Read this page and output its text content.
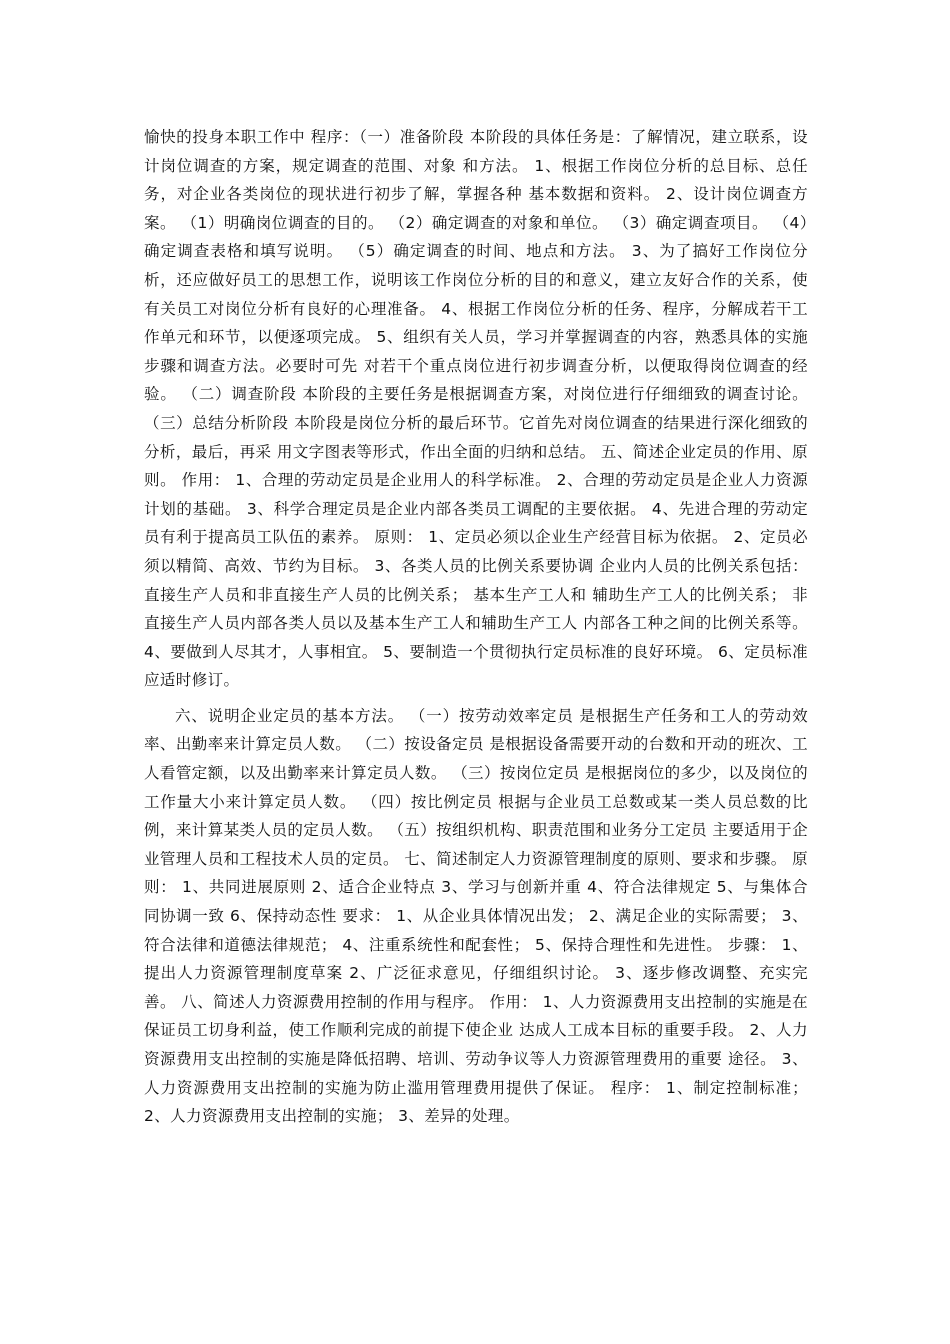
愉快的投身本职工作中 程序：（一）准备阶段 本阶段的具体任务是：了解情况，建立联系，设计岗位调查的方案，规定调查的范围、对象 和方法。 1、根据工作岗位分析的总目标、总任务，对企业各类岗位的现状进行初步了解，掌握各种 基本数据和资料。 2、设计岗位调查方案。 （1）明确岗位调查的目的。 （2）确定调查的对象和单位。 （3）确定调查项目。 （4）确定调查表格和填写说明。 （5）确定调查的时间、地点和方法。 3、为了搞好工作岗位分析，还应做好员工的思想工作，说明该工作岗位分析的目的和意义，建立友好合作的关系，使有关员工对岗位分析有良好的心理准备。 4、根据工作岗位分析的任务、程序，分解成若干工作单元和环节，以便逐项完成。 5、组织有关人员，学习并掌握调查的内容，熟悉具体的实施步骤和调查方法。必要时可先 对若干个重点岗位进行初步调查分析，以便取得岗位调查的经验。 （二）调查阶段 本阶段的主要任务是根据调查方案，对岗位进行仔细细致的调查讨论。 （三）总结分析阶段 本阶段是岗位分析的最后环节。它首先对岗位调查的结果进行深化细致的分析，最后，再采 用文字图表等形式，作出全面的归纳和总结。 五、简述企业定员的作用、原则。 作用： 1、合理的劳动定员是企业用人的科学标准。 2、合理的劳动定员是企业人力资源计划的基础。 3、科学合理定员是企业内部各类员工调配的主要依据。 4、先进合理的劳动定员有利于提高员工队伍的素养。 原则： 1、定员必须以企业生产经营目标为依据。 2、定员必须以精简、高效、节约为目标。 3、各类人员的比例关系要协调 企业内人员的比例关系包括： 直接生产人员和非直接生产人员的比例关系； 基本生产工人和 辅助生产工人的比例关系； 非直接生产人员内部各类人员以及基本生产工人和辅助生产工人 内部各工种之间的比例关系等。 4、要做到人尽其才，人事相宜。 5、要制造一个贯彻执行定员标准的良好环境。 6、定员标准应适时修订。

六、说明企业定员的基本方法。 （一）按劳动效率定员 是根据生产任务和工人的劳动效率、出勤率来计算定员人数。 （二）按设备定员 是根据设备需要开动的台数和开动的班次、工人看管定额，以及出勤率来计算定员人数。 （三）按岗位定员 是根据岗位的多少，以及岗位的工作量大小来计算定员人数。 （四）按比例定员 根据与企业员工总数或某一类人员总数的比例，来计算某类人员的定员人数。 （五）按组织机构、职责范围和业务分工定员 主要适用于企业管理人员和工程技术人员的定员。 七、简述制定人力资源管理制度的原则、要求和步骤。 原则： 1、共同进展原则 2、适合企业特点 3、学习与创新并重 4、符合法律规定 5、与集体合同协调一致 6、保持动态性 要求： 1、从企业具体情况出发； 2、满足企业的实际需要； 3、符合法律和道德法律规范； 4、注重系统性和配套性； 5、保持合理性和先进性。 步骤： 1、提出人力资源管理制度草案 2、广泛征求意见，仔细组织讨论。 3、逐步修改调整、充实完善。 八、简述人力资源费用控制的作用与程序。 作用： 1、人力资源费用支出控制的实施是在保证员工切身利益，使工作顺利完成的前提下使企业 达成人工成本目标的重要手段。 2、人力资源费用支出控制的实施是降低招聘、培训、劳动争议等人力资源管理费用的重要 途径。 3、人力资源费用支出控制的实施为防止滥用管理费用提供了保证。 程序： 1、制定控制标准； 2、人力资源费用支出控制的实施； 3、差异的处理。
